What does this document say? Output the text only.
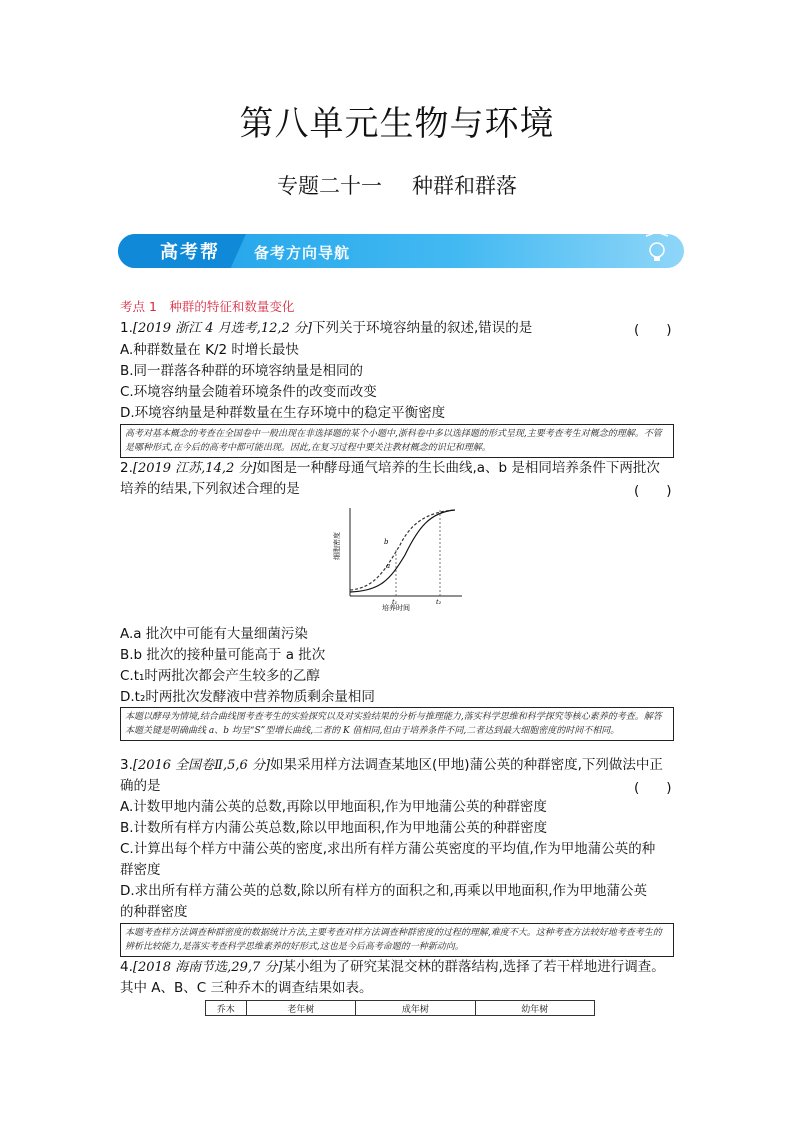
第八单元生物与环境
专题二十一 种群和群落
高考帮 备考方向导航	答案 · P
考点 1　种群的特征和数量变化
1.[2019 浙江 4 月选考,12,2 分]下列关于环境容纳量的叙述,错误的是	(　　)
A.种群数量在 K/2 时增长最快
B.同一群落各种群的环境容纳量是相同的
C.环境容纳量会随着环境条件的改变而改变
D.环境容纳量是种群数量在生存环境中的稳定平衡密度
高考对基本概念的考查在全国卷中一般出现在非选择题的某个小题中,浙科卷中多以选择题的形式呈现,主要考查考生对概念的理解。不管是哪种形式,在今后的高考中都可能出现。因此,在复习过程中要关注教材概念的识记和理解。
2.[2019 江苏,14,2 分]如图是一种酵母通气培养的生长曲线,a、b 是相同培养条件下两批次
培养的结果,下列叙述合理的是	(　　)
细胞密度
培养时间
b
a
t₁	t₂
A.a 批次中可能有大量细菌污染
B.b 批次的接种量可能高于 a 批次
C.t₁时两批次都会产生较多的乙醇
D.t₂时两批次发酵液中营养物质剩余量相同
本题以酵母为情境,结合曲线图考查考生的实验探究以及对实验结果的分析与推理能力,落实科学思维和科学探究等核心素养的考查。解答本题关键是明确曲线 a、b 均呈“S”型增长曲线,二者的 K 值相同,但由于培养条件不同,二者达到最大细胞密度的时间不相同。
3.[2016 全国卷Ⅱ,5,6 分]如果采用样方法调查某地区(甲地)蒲公英的种群密度,下列做法中正
确的是	(　　)
A.计数甲地内蒲公英的总数,再除以甲地面积,作为甲地蒲公英的种群密度
B.计数所有样方内蒲公英总数,除以甲地面积,作为甲地蒲公英的种群密度
C.计算出每个样方中蒲公英的密度,求出所有样方蒲公英密度的平均值,作为甲地蒲公英的种
群密度
D.求出所有样方蒲公英的总数,除以所有样方的面积之和,再乘以甲地面积,作为甲地蒲公英
的种群密度
本题考查样方法调查种群密度的数据统计方法,主要考查对样方法调查种群密度的过程的理解,难度不大。这种考查方法较好地考查考生的辨析比较能力,是落实考查科学思维素养的好形式,这也是今后高考命题的一种新动向。
4.[2018 海南节选,29,7 分]某小组为了研究某混交林的群落结构,选择了若干样地进行调查。
其中 A、B、C 三种乔木的调查结果如表。
乔木	老年树	成年树	幼年树
